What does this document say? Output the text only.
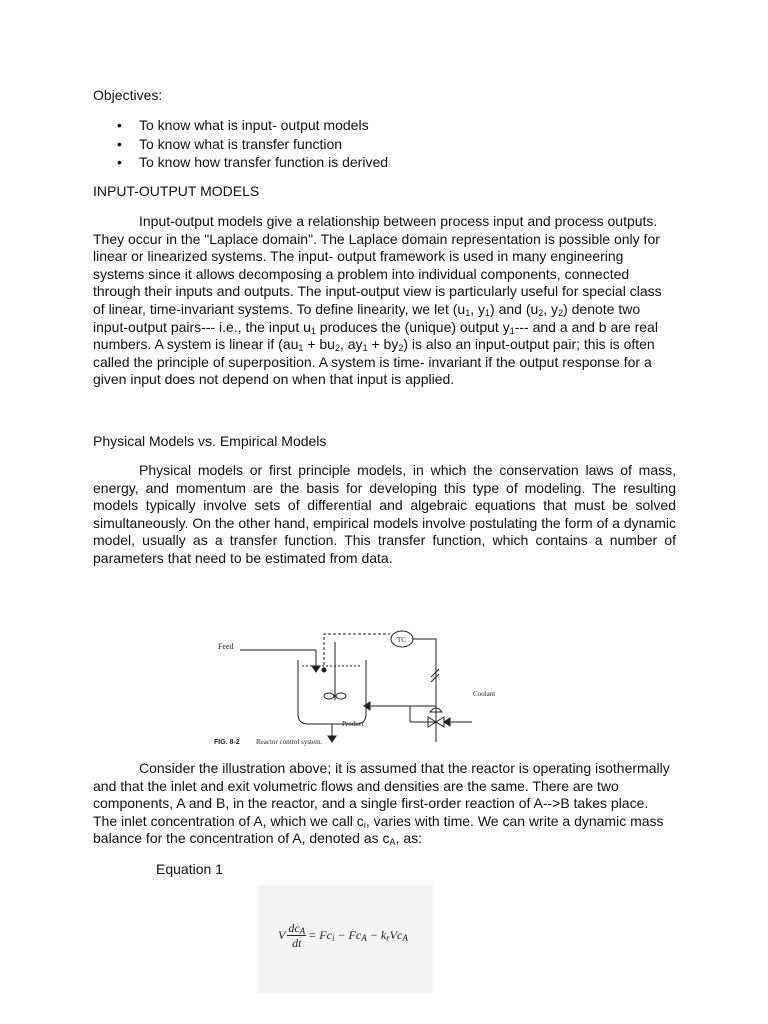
Objectives:

• To know what is input- output models
• To know what is transfer function
• To know how transfer function is derived

INPUT-OUTPUT MODELS

Input-output models give a relationship between process input and process outputs. They occur in the "Laplace domain". The Laplace domain representation is possible only for linear or linearized systems. The input- output framework is used in many engineering systems since it allows decomposing a problem into individual components, connected through their inputs and outputs. The input-output view is particularly useful for special class of linear, time-invariant systems. To define linearity, we let ($u_1$, $y_1$) and ($u_2$, $y_2$) denote two input-output pairs--- i.e., the input $u_1$ produces the (unique) output $y_1---$ and a and b are real numbers. A system is linear if ($au_1 + bu_2$, $ay_1 + by_2$) is also an input-output pair; this is often called the principle of superposition. A system is time- invariant if the output response for a given input does not depend on when that input is applied.

Physical Models vs. Empirical Models

Physical models or first principle models, in which the conservation laws of mass, energy, and momentum are the basis for developing this type of modeling. The resulting models typically involve sets of differential and algebraic equations that must be solved simultaneously. On the other hand, empirical models involve postulating the form of a dynamic model, usually as a transfer function. This transfer function, which contains a number of parameters that need to be estimated from data.

Feed
TC
Coolant
Product
FIG. 8-2 Reactor control system.

Consider the illustration above; it is assumed that the reactor is operating isothermally and that the inlet and exit volumetric flows and densities are the same. There are two components, A and B, in the reactor, and a single first-order reaction of A-->B takes place. The inlet concentration of A, which we call $c_i$, varies with time. We can write a dynamic mass balance for the concentration of A, denoted as $c_A$, as:

Equation 1

V $\frac{dc_A}{dt} = Fc_i - Fc_A - k_rVc_A$
